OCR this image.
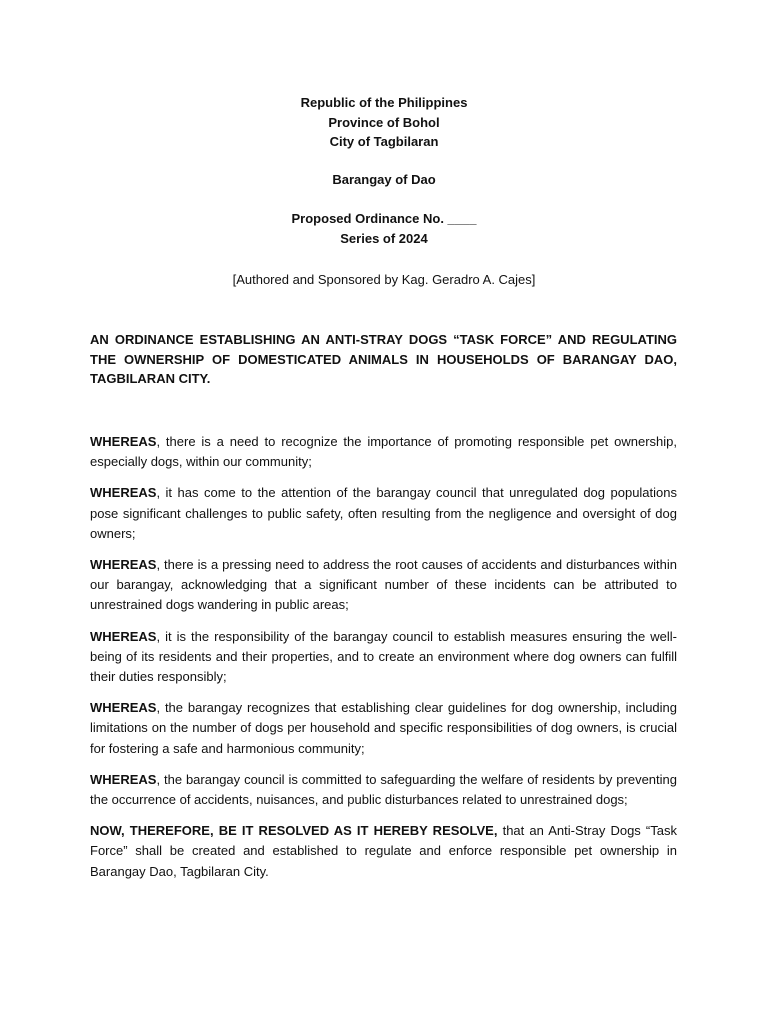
Republic of the Philippines
Province of Bohol
City of Tagbilaran
Barangay of Dao
Proposed Ordinance No. ____
Series of 2024
[Authored and Sponsored by Kag. Geradro A. Cajes]
AN ORDINANCE ESTABLISHING AN ANTI-STRAY DOGS “TASK FORCE” AND REGULATING THE OWNERSHIP OF DOMESTICATED ANIMALS IN HOUSEHOLDS OF BARANGAY DAO, TAGBILARAN CITY.

WHEREAS, there is a need to recognize the importance of promoting responsible pet ownership, especially dogs, within our community;

WHEREAS, it has come to the attention of the barangay council that unregulated dog populations pose significant challenges to public safety, often resulting from the negligence and oversight of dog owners;

WHEREAS, there is a pressing need to address the root causes of accidents and disturbances within our barangay, acknowledging that a significant number of these incidents can be attributed to unrestrained dogs wandering in public areas;

WHEREAS, it is the responsibility of the barangay council to establish measures ensuring the well-being of its residents and their properties, and to create an environment where dog owners can fulfill their duties responsibly;

WHEREAS, the barangay recognizes that establishing clear guidelines for dog ownership, including limitations on the number of dogs per household and specific responsibilities of dog owners, is crucial for fostering a safe and harmonious community;

WHEREAS, the barangay council is committed to safeguarding the welfare of residents by preventing the occurrence of accidents, nuisances, and public disturbances related to unrestrained dogs;

NOW, THEREFORE, BE IT RESOLVED AS IT HEREBY RESOLVE, that an Anti-Stray Dogs “Task Force” shall be created and established to regulate and enforce responsible pet ownership in Barangay Dao, Tagbilaran City.
